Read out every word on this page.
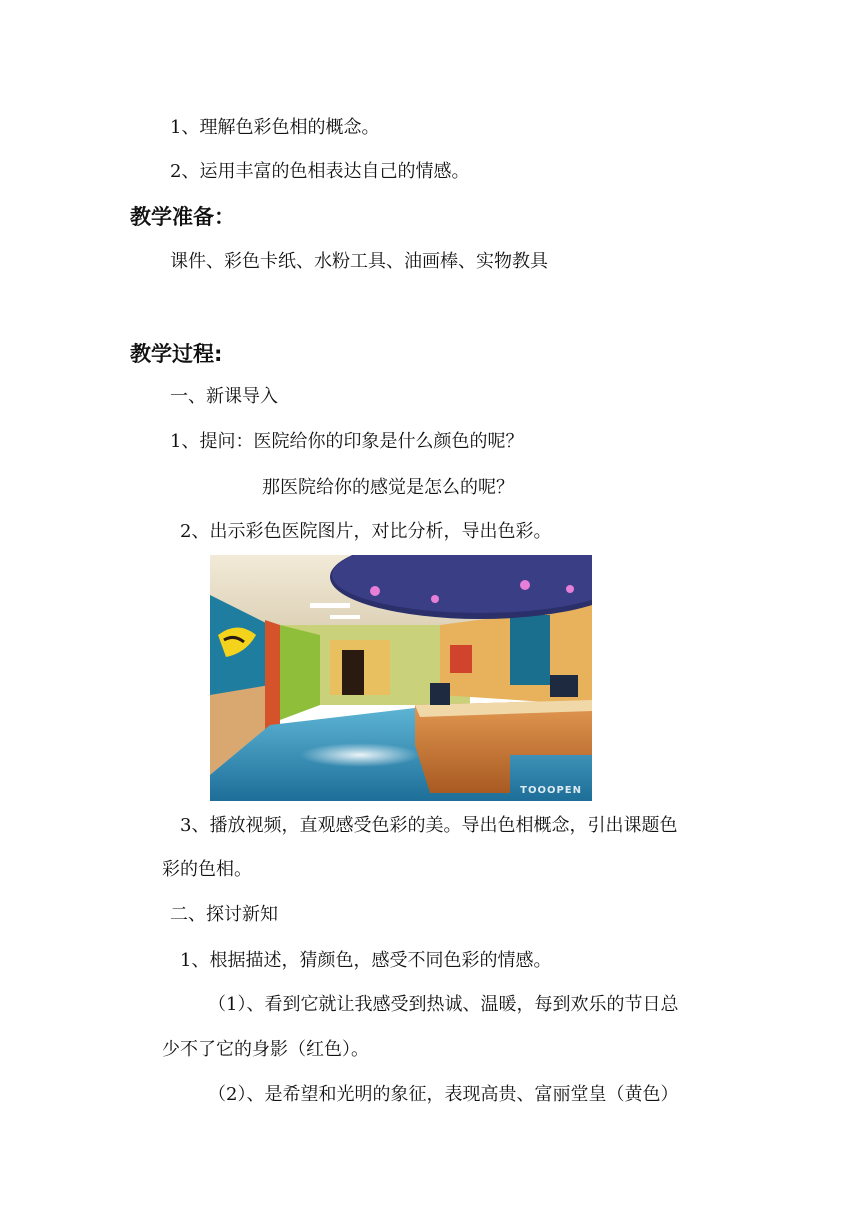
1、理解色彩色相的概念。
2、运用丰富的色相表达自己的情感。
教学准备：
课件、彩色卡纸、水粉工具、油画棒、实物教具
教学过程:
一、新课导入
1、提问：医院给你的印象是什么颜色的呢？
那医院给你的感觉是怎么的呢？
2、出示彩色医院图片，对比分析，导出色彩。
TOOOPEN
3、播放视频，直观感受色彩的美。导出色相概念，引出课题色
彩的色相。
二、探讨新知
1、根据描述，猜颜色，感受不同色彩的情感。
（1）、看到它就让我感受到热诚、温暖，每到欢乐的节日总
少不了它的身影（红色）。
（2）、是希望和光明的象征，表现高贵、富丽堂皇（黄色）
